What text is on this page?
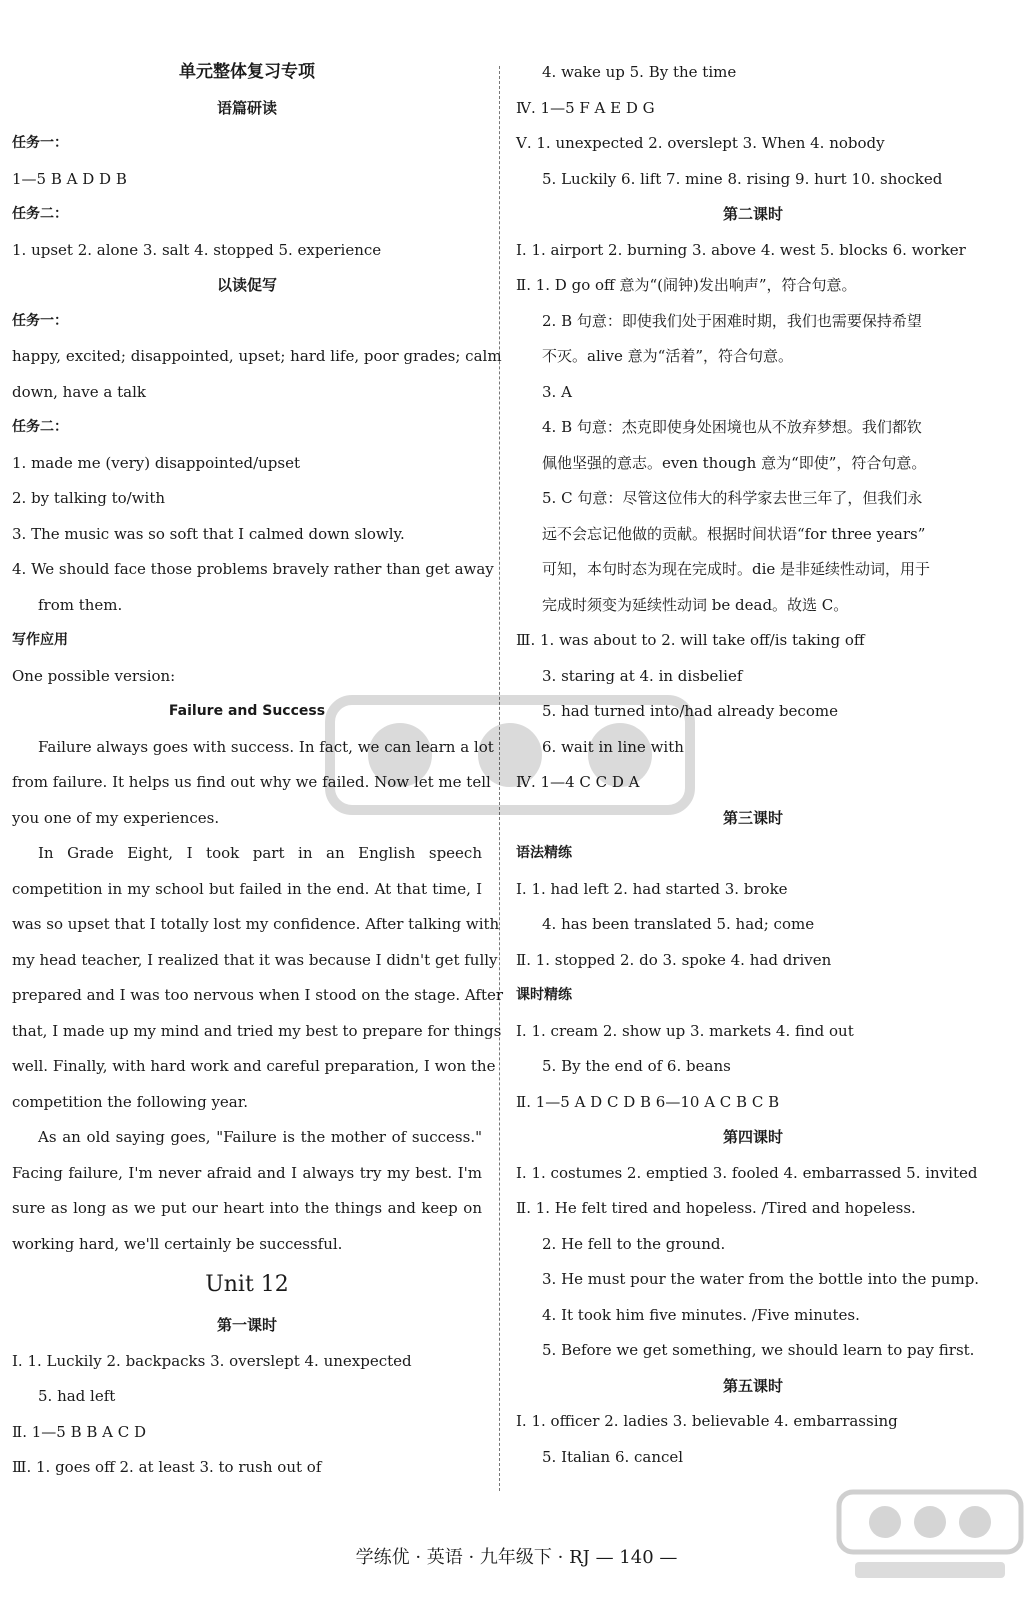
单元整体复习专项
语篇研读
任务一：
1—5 B A D D B
任务二：
1. upset 2. alone 3. salt 4. stopped 5. experience
以读促写
任务一：
happy, excited; disappointed, upset; hard life, poor grades; calm
down, have a talk
任务二：
1. made me (very) disappointed/upset
2. by talking to/with
3. The music was so soft that I calmed down slowly.
4. We should face those problems bravely rather than get away
from them.
写作应用
One possible version:
Failure and Success
Failure always goes with success. In fact, we can learn a lot
from failure. It helps us find out why we failed. Now let me tell
you one of my experiences.
In Grade Eight, I took part in an English speech
competition in my school but failed in the end. At that time, I
was so upset that I totally lost my confidence. After talking with
my head teacher, I realized that it was because I didn't get fully
prepared and I was too nervous when I stood on the stage. After
that, I made up my mind and tried my best to prepare for things
well. Finally, with hard work and careful preparation, I won the
competition the following year.
As an old saying goes, "Failure is the mother of success."
Facing failure, I'm never afraid and I always try my best. I'm
sure as long as we put our heart into the things and keep on
working hard, we'll certainly be successful.
Unit 12
第一课时
Ⅰ. 1. Luckily 2. backpacks 3. overslept 4. unexpected
5. had left
Ⅱ. 1—5 B B A C D
Ⅲ. 1. goes off 2. at least 3. to rush out of
4. wake up 5. By the time
Ⅳ. 1—5 F A E D G
Ⅴ. 1. unexpected 2. overslept 3. When 4. nobody
5. Luckily 6. lift 7. mine 8. rising 9. hurt 10. shocked
第二课时
Ⅰ. 1. airport 2. burning 3. above 4. west 5. blocks 6. worker
Ⅱ. 1. D go off 意为“(闹钟)发出响声”，符合句意。
2. B 句意：即使我们处于困难时期，我们也需要保持希望
不灭。alive 意为“活着”，符合句意。
3. A
4. B 句意：杰克即使身处困境也从不放弃梦想。我们都钦
佩他坚强的意志。even though 意为“即使”，符合句意。
5. C 句意：尽管这位伟大的科学家去世三年了，但我们永
远不会忘记他做的贡献。根据时间状语“for three years”
可知，本句时态为现在完成时。die 是非延续性动词，用于
完成时须变为延续性动词 be dead。故选 C。
Ⅲ. 1. was about to 2. will take off/is taking off
3. staring at 4. in disbelief
5. had turned into/had already become
6. wait in line with
Ⅳ. 1—4 C C D A
第三课时
语法精练
Ⅰ. 1. had left 2. had started 3. broke
4. has been translated 5. had; come
Ⅱ. 1. stopped 2. do 3. spoke 4. had driven
课时精练
Ⅰ. 1. cream 2. show up 3. markets 4. find out
5. By the end of 6. beans
Ⅱ. 1—5 A D C D B 6—10 A C B C B
第四课时
Ⅰ. 1. costumes 2. emptied 3. fooled 4. embarrassed 5. invited
Ⅱ. 1. He felt tired and hopeless. /Tired and hopeless.
2. He fell to the ground.
3. He must pour the water from the bottle into the pump.
4. It took him five minutes. /Five minutes.
5. Before we get something, we should learn to pay first.
第五课时
Ⅰ. 1. officer 2. ladies 3. believable 4. embarrassing
5. Italian 6. cancel
学练优 · 英语 · 九年级下 · RJ — 140 —
